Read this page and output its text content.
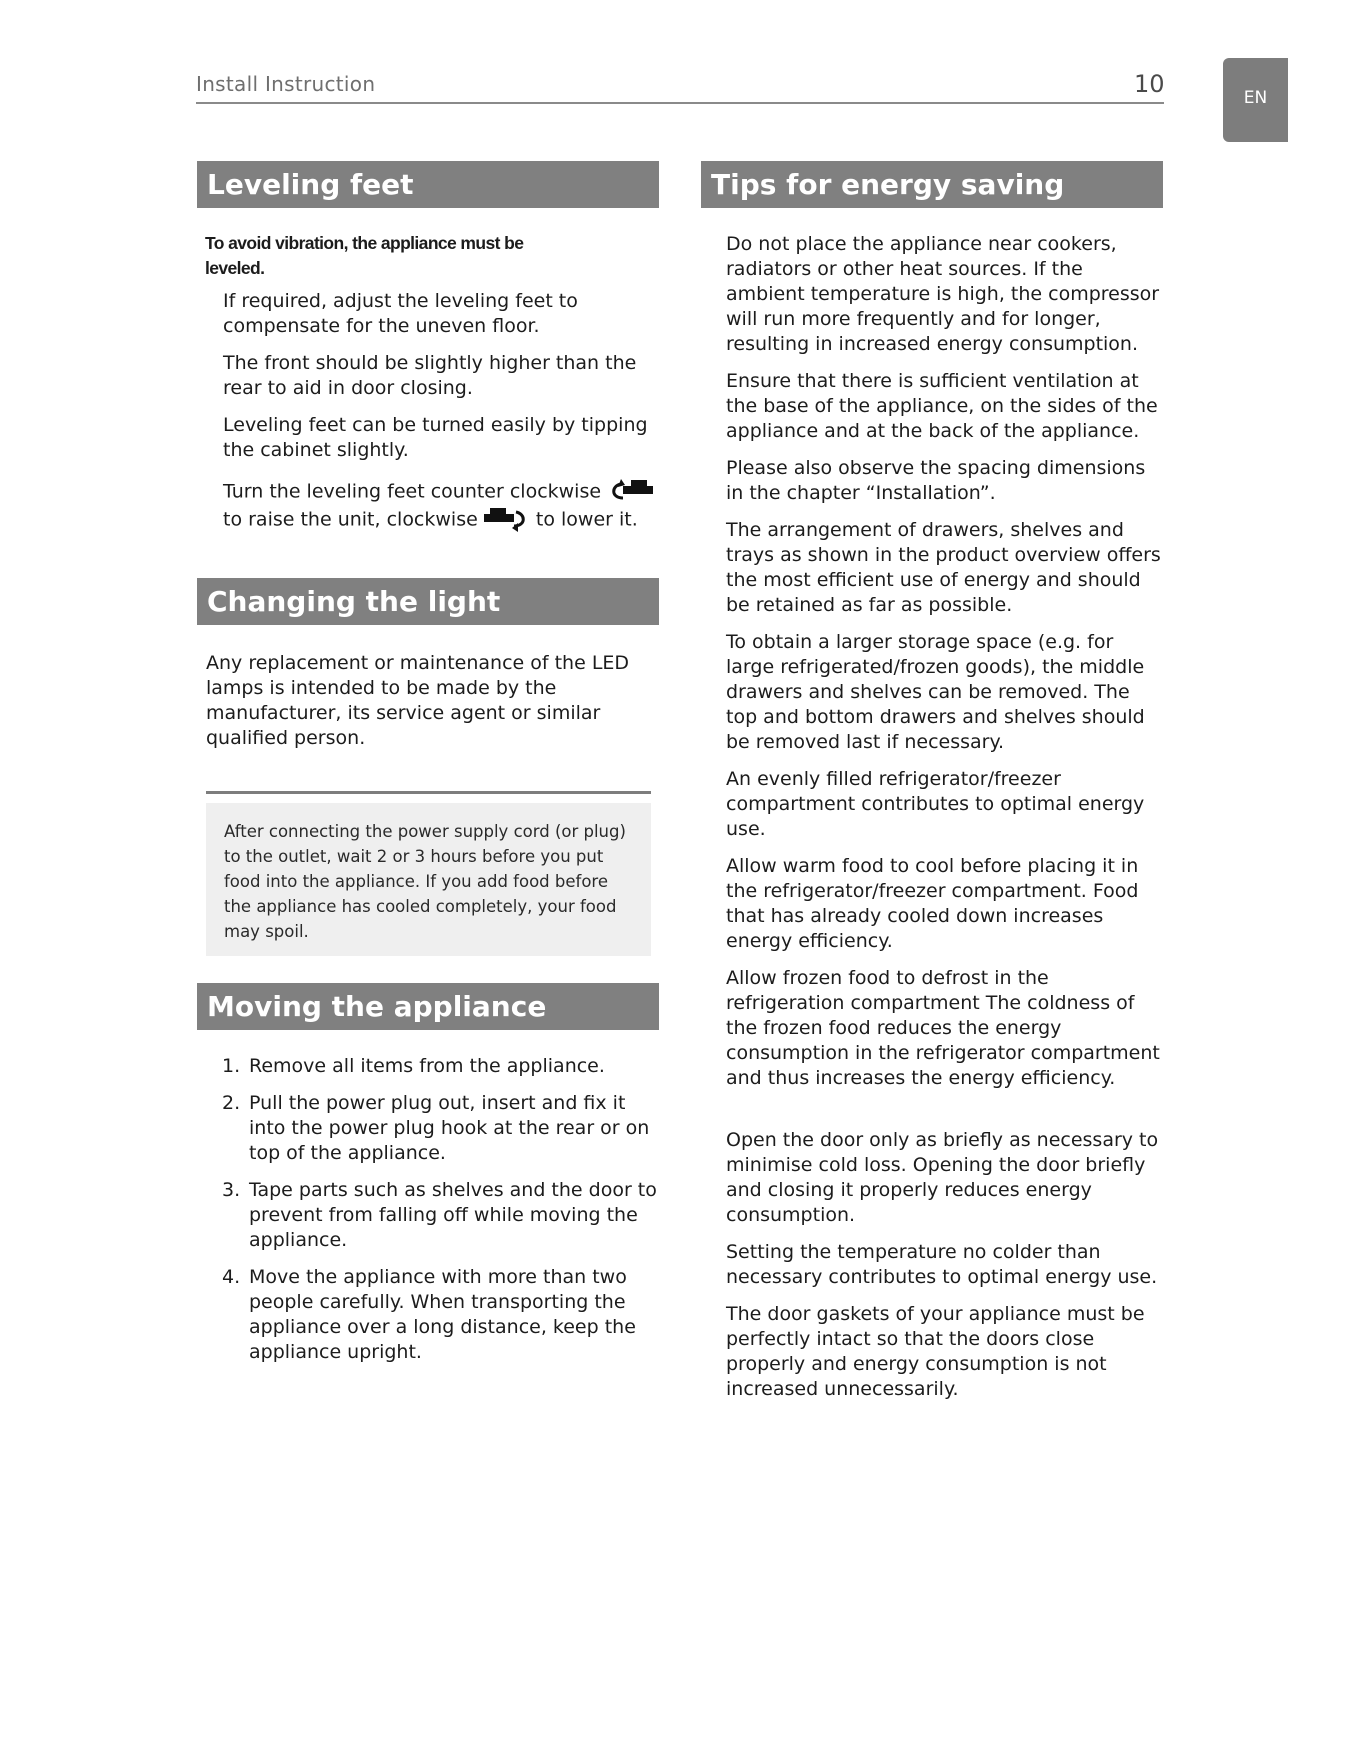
Install Instruction	10	EN
Leveling feet

To avoid vibration, the appliance must be leveled.

If required, adjust the leveling feet to compensate for the uneven floor.

The front should be slightly higher than the rear to aid in door closing.

Leveling feet can be turned easily by tipping the cabinet slightly.

Turn the leveling feet counter clockwise
to raise the unit, clockwise	to lower it.
Changing the light

Any replacement or maintenance of the LED lamps is intended to be made by the manufacturer, its service agent or similar qualified person.

After connecting the power supply cord (or plug) to the outlet, wait 2 or 3 hours before you put food into the appliance. If you add food before the appliance has cooled completely, your food may spoil.

Moving the appliance
1. Remove all items from the appliance.
2. Pull the power plug out, insert and fix it into the power plug hook at the rear or on top of the appliance.
3. Tape parts such as shelves and the door to prevent from falling off while moving the appliance.
4. Move the appliance with more than two people carefully. When transporting the appliance over a long distance, keep the appliance upright.
Tips for energy saving

Do not place the appliance near cookers, radiators or other heat sources. If the ambient temperature is high, the compressor will run more frequently and for longer, resulting in increased energy consumption.

Ensure that there is sufficient ventilation at the base of the appliance, on the sides of the appliance and at the back of the appliance.

Please also observe the spacing dimensions in the chapter “Installation”.

The arrangement of drawers, shelves and trays as shown in the product overview offers the most efficient use of energy and should be retained as far as possible.

To obtain a larger storage space (e.g. for large refrigerated/frozen goods), the middle drawers and shelves can be removed. The top and bottom drawers and shelves should be removed last if necessary.

An evenly filled refrigerator/freezer compartment contributes to optimal energy use.

Allow warm food to cool before placing it in the refrigerator/freezer compartment. Food that has already cooled down increases energy efficiency.

Allow frozen food to defrost in the refrigeration compartment The coldness of the frozen food reduces the energy consumption in the refrigerator compartment and thus increases the energy efficiency.

Open the door only as briefly as necessary to minimise cold loss. Opening the door briefly and closing it properly reduces energy consumption.

Setting the temperature no colder than necessary contributes to optimal energy use.

The door gaskets of your appliance must be perfectly intact so that the doors close properly and energy consumption is not increased unnecessarily.
